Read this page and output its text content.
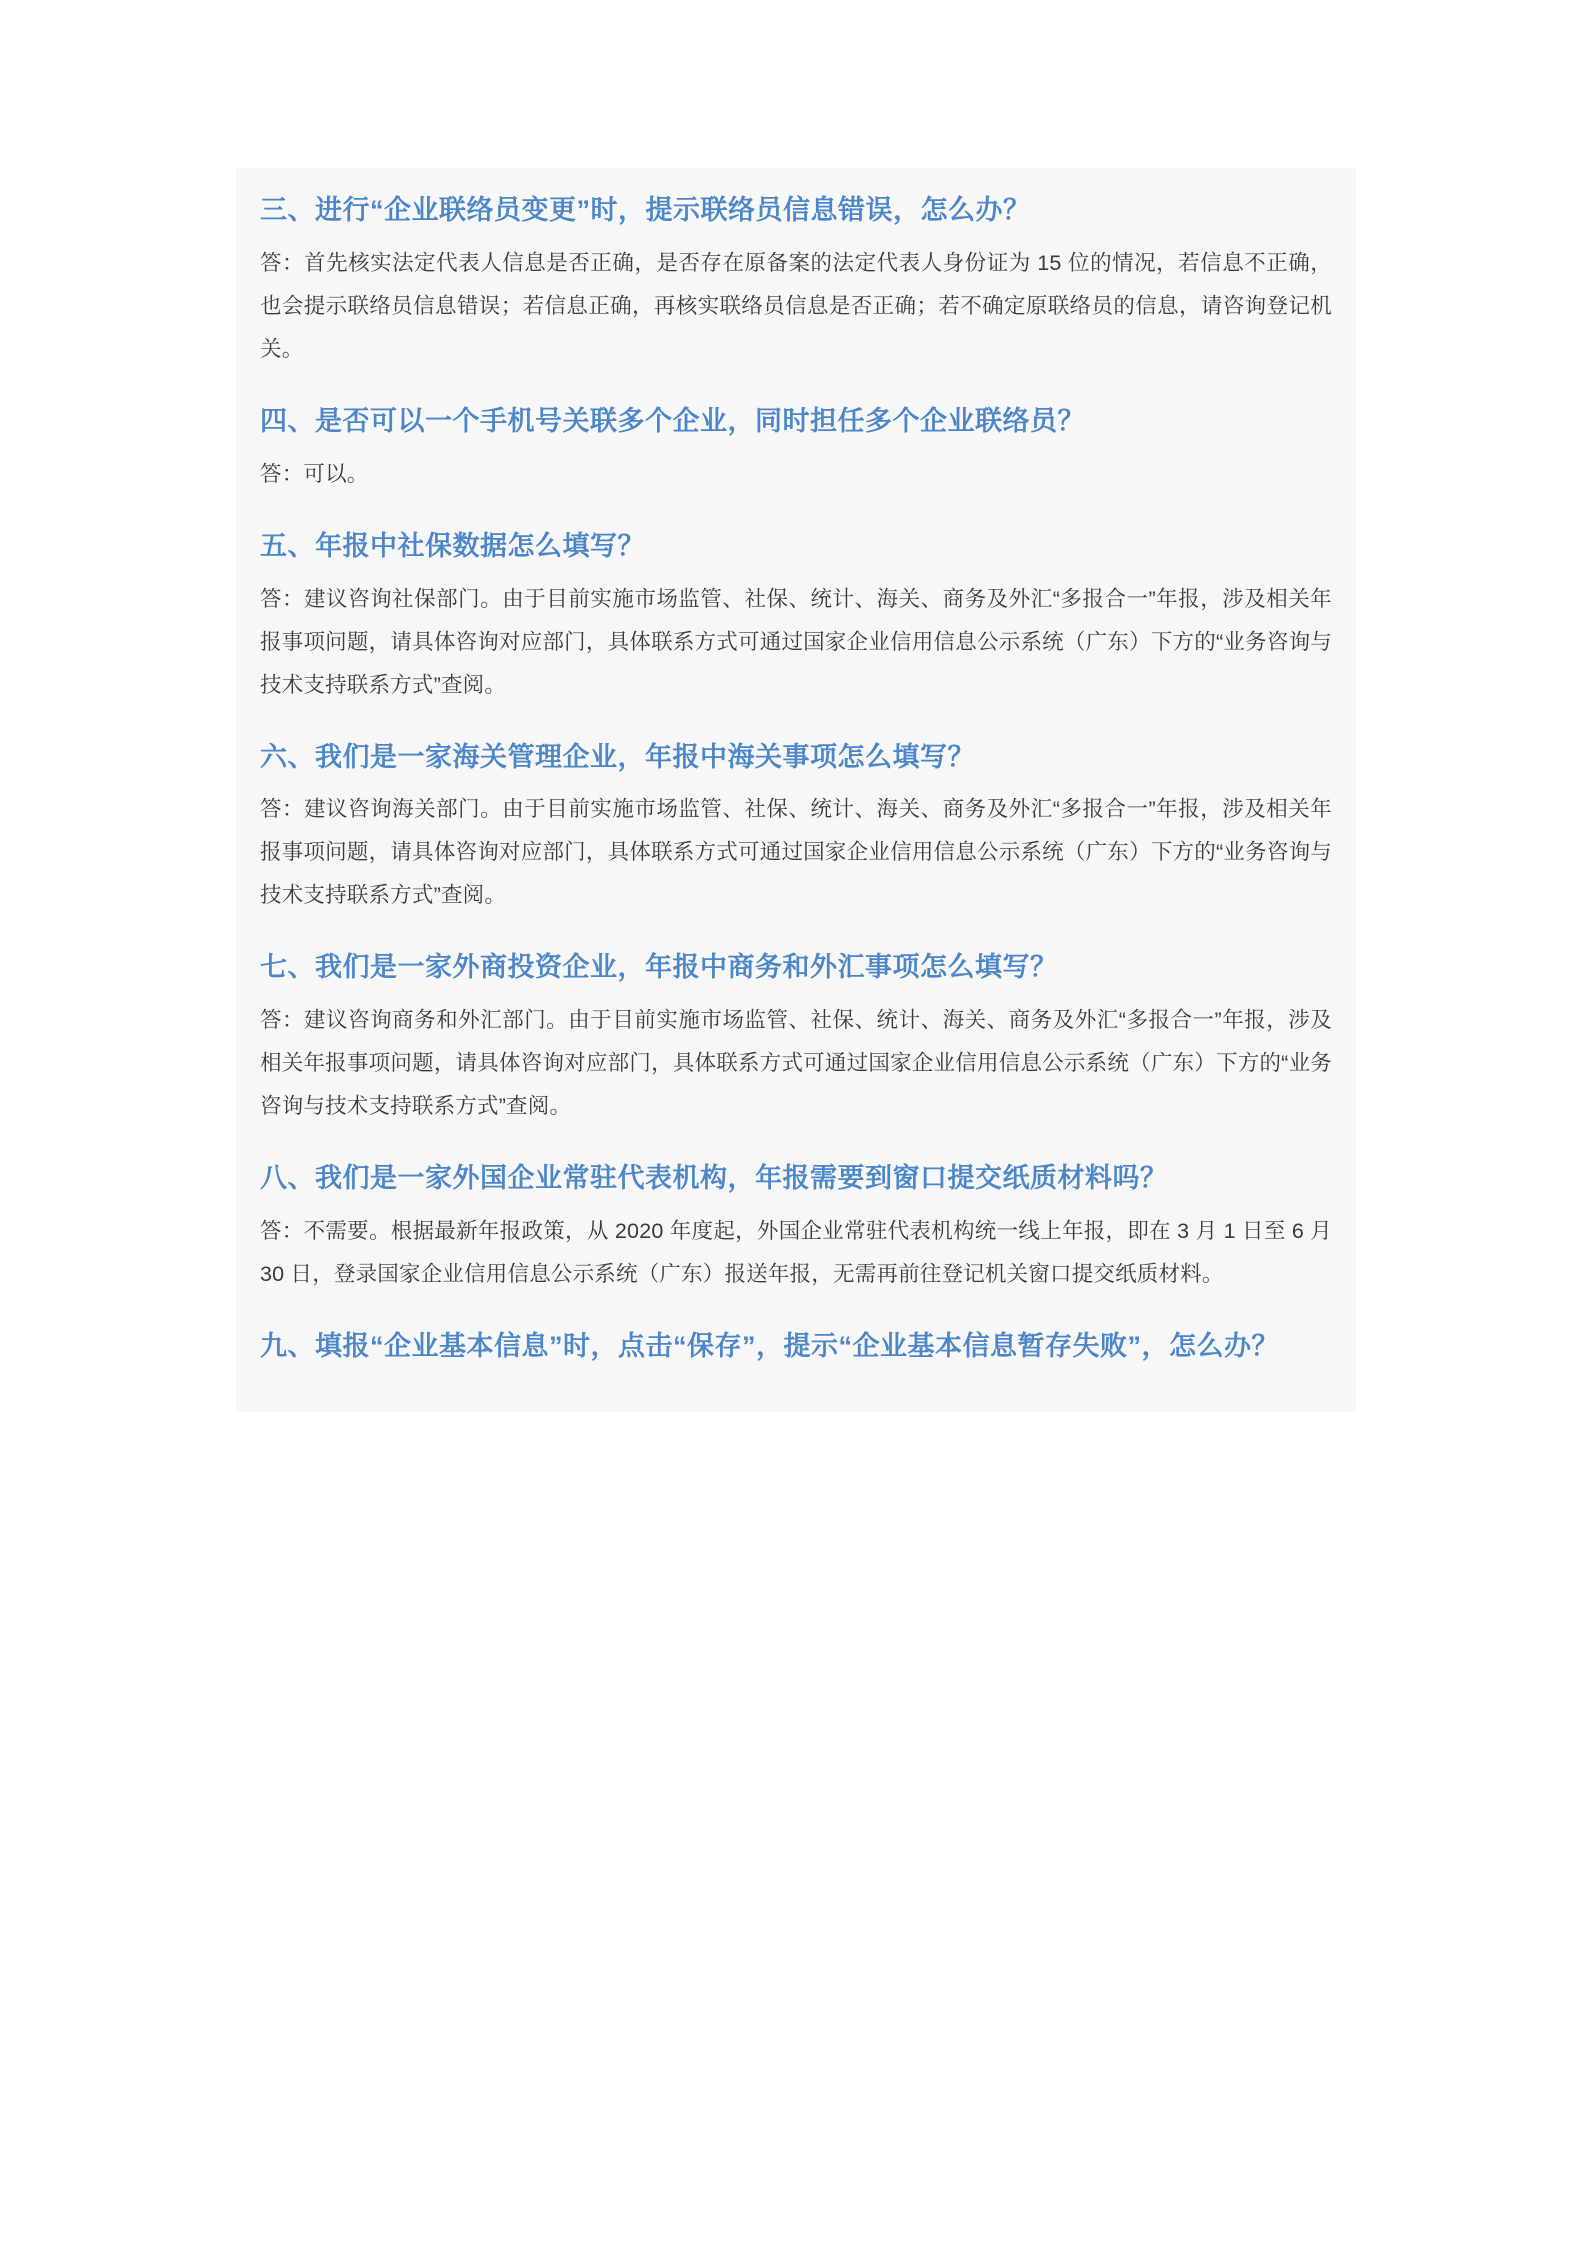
三、进行“企业联络员变更”时，提示联络员信息错误，怎么办？

答：首先核实法定代表人信息是否正确，是否存在原备案的法定代表人身份证为 15 位的情况，若信息不正确，也会提示联络员信息错误；若信息正确，再核实联络员信息是否正确；若不确定原联络员的信息，请咨询登记机关。

四、是否可以一个手机号关联多个企业，同时担任多个企业联络员？

答：可以。

五、年报中社保数据怎么填写？

答：建议咨询社保部门。由于目前实施市场监管、社保、统计、海关、商务及外汇“多报合一”年报，涉及相关年报事项问题，请具体咨询对应部门，具体联系方式可通过国家企业信用信息公示系统（广东）下方的“业务咨询与技术支持联系方式”查阅。

六、我们是一家海关管理企业，年报中海关事项怎么填写？

答：建议咨询海关部门。由于目前实施市场监管、社保、统计、海关、商务及外汇“多报合一”年报，涉及相关年报事项问题，请具体咨询对应部门，具体联系方式可通过国家企业信用信息公示系统（广东）下方的“业务咨询与技术支持联系方式”查阅。

七、我们是一家外商投资企业，年报中商务和外汇事项怎么填写？

答：建议咨询商务和外汇部门。由于目前实施市场监管、社保、统计、海关、商务及外汇“多报合一”年报，涉及相关年报事项问题，请具体咨询对应部门，具体联系方式可通过国家企业信用信息公示系统（广东）下方的“业务咨询与技术支持联系方式”查阅。

八、我们是一家外国企业常驻代表机构，年报需要到窗口提交纸质材料吗？

答：不需要。根据最新年报政策，从 2020 年度起，外国企业常驻代表机构统一线上年报，即在 3 月 1 日至 6 月 30 日，登录国家企业信用信息公示系统（广东）报送年报，无需再前往登记机关窗口提交纸质材料。

九、填报“企业基本信息”时，点击“保存”，提示“企业基本信息暂存失败”，怎么办？
